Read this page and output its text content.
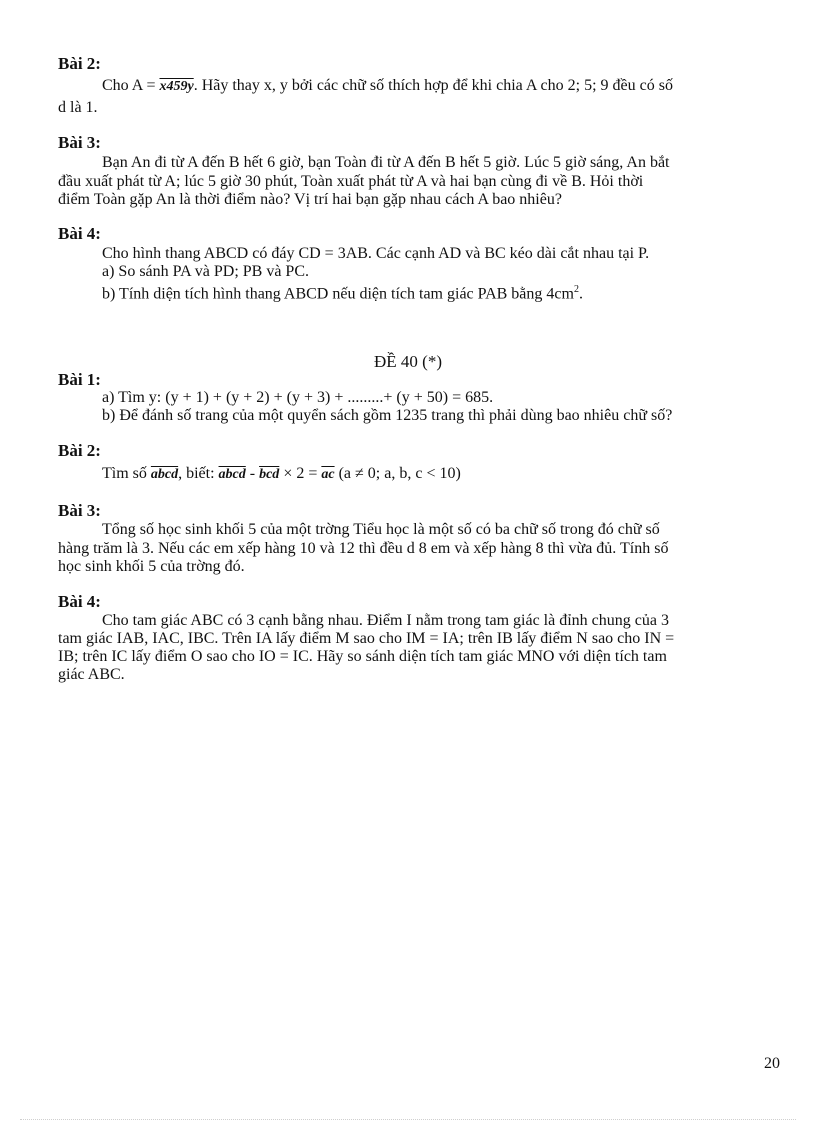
Bài 2:
Cho A = x459y. Hãy thay x, y bởi các chữ số thích hợp để khi chia A cho 2; 5; 9 đều có số
d là 1.
Bài 3:
Bạn An đi từ A đến B hết 6 giờ, bạn Toàn đi từ A đến B hết 5 giờ. Lúc 5 giờ sáng, An bắt
đầu xuất phát từ A; lúc 5 giờ 30 phút, Toàn xuất phát từ A và hai bạn cùng đi về B. Hỏi thời
điểm Toàn gặp An là thời điểm nào? Vị trí hai bạn gặp nhau cách A bao nhiêu?
Bài 4:
Cho hình thang ABCD có đáy CD = 3AB. Các cạnh AD và BC kéo dài cắt nhau tại P.
a) So sánh PA và PD; PB và PC.
b) Tính diện tích hình thang ABCD nếu diện tích tam giác PAB bằng $4cm^2$.
ĐỀ 40 (*)
Bài 1:
a) Tìm y: (y + 1) + (y + 2) + (y + 3) + .........+ (y + 50) = 685.
b) Để đánh số trang của một quyển sách gồm 1235 trang thì phải dùng bao nhiêu chữ số?
Bài 2:
Tìm số abcd, biết: abcd - $\overline{bcd} \times 2 = \overline{ac}$ (a ≠ 0; a, b, c < 10)
Bài 3:
Tổng số học sinh khối 5 của một trờng Tiểu học là một số có ba chữ số trong đó chữ số
hàng trăm là 3. Nếu các em xếp hàng 10 và 12 thì đều d 8 em và xếp hàng 8 thì vừa đủ. Tính số
học sinh khối 5 của trờng đó.
Bài 4:
Cho tam giác ABC có 3 cạnh bằng nhau. Điểm I nằm trong tam giác là đỉnh chung của 3
tam giác IAB, IAC, IBC. Trên IA lấy điểm M sao cho IM = IA; trên IB lấy điểm N sao cho IN =
IB; trên IC lấy điểm O sao cho IO = IC. Hãy so sánh diện tích tam giác MNO với diện tích tam
giác ABC.
20
